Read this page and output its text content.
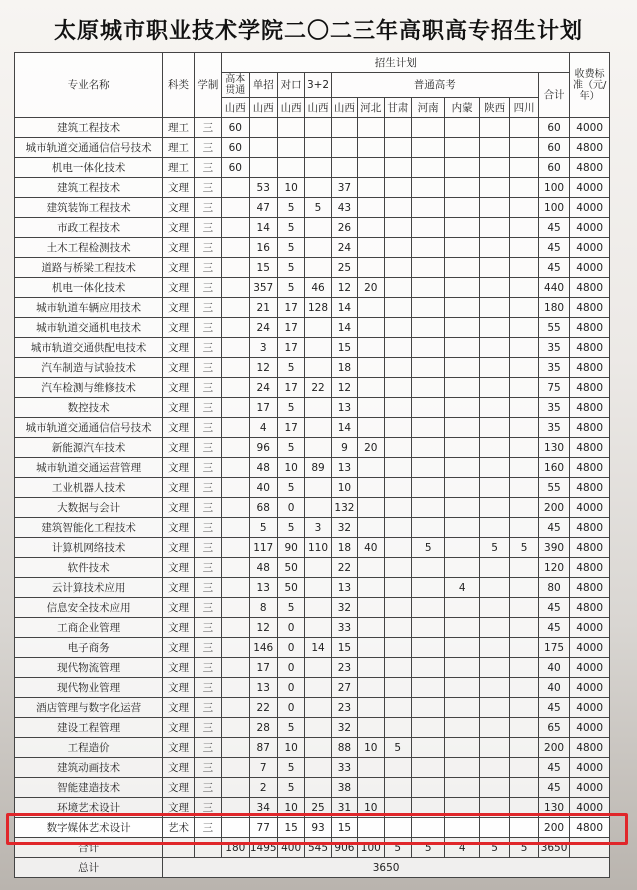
太原城市职业技术学院二〇二三年高职高专招生计划
专业名称	科类	学制	招生计划												收费标准（元/年）
			高本贯通	单招	对口	3+2	普通高考							合计	
			山西	山西	山西	山西	山西	河北	甘肃	河南	内蒙	陕西	四川		
建筑工程技术	理工	三	60											60	4000
城市轨道交通通信信号技术	理工	三	60											60	4800
机电一体化技术	理工	三	60											60	4800
建筑工程技术	文理	三		53	10		37							100	4000
建筑装饰工程技术	文理	三		47	5	5	43							100	4000
市政工程技术	文理	三		14	5		26							45	4000
土木工程检测技术	文理	三		16	5		24							45	4000
道路与桥梁工程技术	文理	三		15	5		25							45	4000
机电一体化技术	文理	三		357	5	46	12	20						440	4800
城市轨道车辆应用技术	文理	三		21	17	128	14							180	4800
城市轨道交通机电技术	文理	三		24	17		14							55	4800
城市轨道交通供配电技术	文理	三		3	17		15							35	4800
汽车制造与试验技术	文理	三		12	5		18							35	4800
汽车检测与维修技术	文理	三		24	17	22	12							75	4800
数控技术	文理	三		17	5		13							35	4800
城市轨道交通通信信号技术	文理	三		4	17		14							35	4800
新能源汽车技术	文理	三		96	5		9	20						130	4800
城市轨道交通运营管理	文理	三		48	10	89	13							160	4800
工业机器人技术	文理	三		40	5		10							55	4800
大数据与会计	文理	三		68	0		132							200	4000
建筑智能化工程技术	文理	三		5	5	3	32							45	4800
计算机网络技术	文理	三		117	90	110	18	40		5		5	5	390	4800
软件技术	文理	三		48	50		22							120	4800
云计算技术应用	文理	三		13	50		13				4			80	4800
信息安全技术应用	文理	三		8	5		32							45	4800
工商企业管理	文理	三		12	0		33							45	4000
电子商务	文理	三		146	0	14	15							175	4000
现代物流管理	文理	三		17	0		23							40	4000
现代物业管理	文理	三		13	0		27							40	4000
酒店管理与数字化运营	文理	三		22	0		23							45	4000
建设工程管理	文理	三		28	5		32							65	4000
工程造价	文理	三		87	10		88	10	5					200	4800
建筑动画技术	文理	三		7	5		33							45	4000
智能建造技术	文理	三		2	5		38							45	4000
环境艺术设计	文理	三		34	10	25	31	10						130	4000
数字媒体艺术设计	艺术	三		77	15	93	15							200	4800
合计			180	1495	400	545	906	100	5	5	4	5	5	3650	
总计	3650														
